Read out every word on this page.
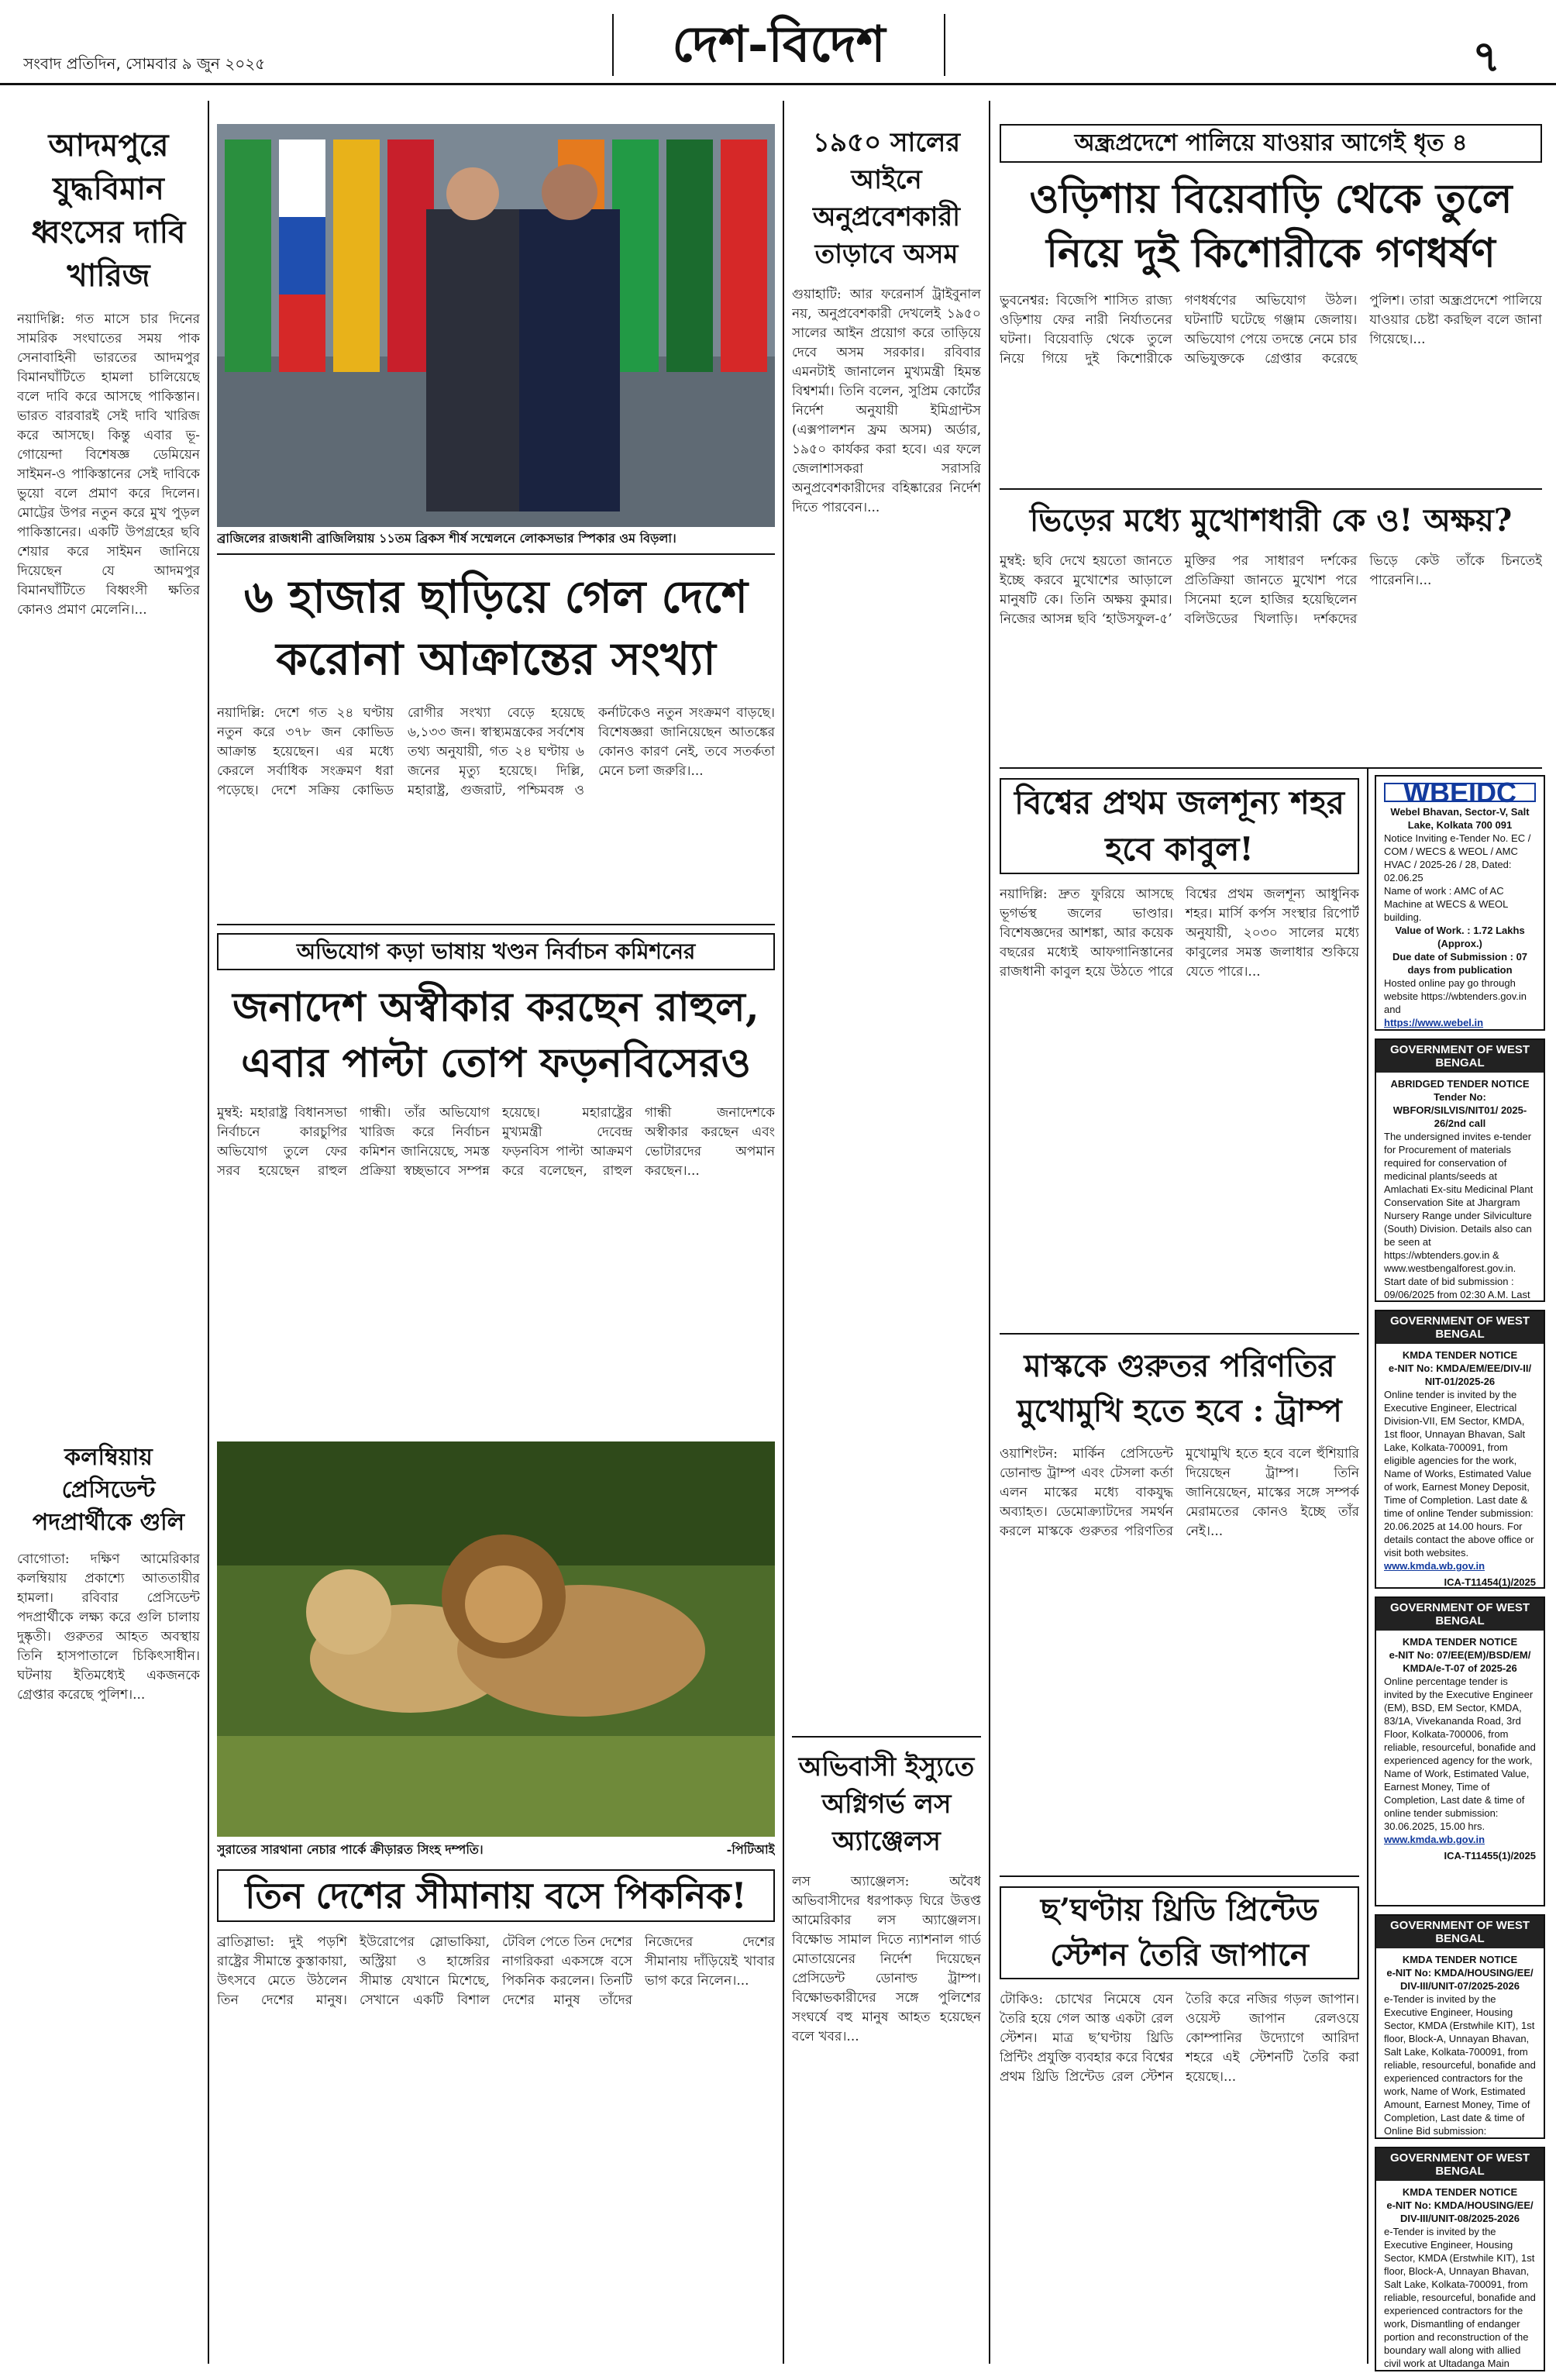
সংবাদ প্রতিদিন, সোমবার ৯ জুন ২০২৫	দেশ-বিদেশ	৭
আদমপুরে যুদ্ধবিমান ধ্বংসের দাবি খারিজ
নয়াদিল্লি: গত মাসে চার দিনের সামরিক সংঘাতের সময় পাক সেনাবাহিনী ভারতের আদমপুর বিমানঘাঁটিতে হামলা চালিয়েছে বলে দাবি করে আসছে পাকিস্তান। ভারত বারবারই সেই দাবি খারিজ করে আসছে। কিন্তু এবার ভূ-গোয়েন্দা বিশেষজ্ঞ ডেমিয়েন সাইমন-ও পাকিস্তানের সেই দাবিকে ভুয়ো বলে প্রমাণ করে দিলেন। মোট্টের উপর নতুন করে মুখ পুড়ল পাকিস্তানের। একটি উপগ্রহের ছবি শেয়ার করে সাইমন জানিয়ে দিয়েছেন যে আদমপুর বিমানঘাঁটিতে বিধ্বংসী ক্ষতির কোনও প্রমাণ মেলেনি।...
কলম্বিয়ায় প্রেসিডেন্ট পদপ্রার্থীকে গুলি
বোগোতা: দক্ষিণ আমেরিকার কলম্বিয়ায় প্রকাশ্যে আততায়ীর হামলা। রবিবার প্রেসিডেন্ট পদপ্রার্থীকে লক্ষ্য করে গুলি চালায় দুষ্কৃতী। গুরুতর আহত অবস্থায় তিনি হাসপাতালে চিকিৎসাধীন। ঘটনায় ইতিমধ্যেই একজনকে গ্রেপ্তার করেছে পুলিশ।...
ব্রাজিলের রাজধানী ব্রাজিলিয়ায় ১১তম ব্রিকস শীর্ষ সম্মেলনে লোকসভার স্পিকার ওম বিড়লা।
৬ হাজার ছাড়িয়ে গেল দেশে করোনা আক্রান্তের সংখ্যা
নয়াদিল্লি: দেশে গত ২৪ ঘণ্টায় নতুন করে ৩৭৮ জন কোভিড আক্রান্ত হয়েছেন। এর মধ্যে কেরলে সর্বাধিক সংক্রমণ ধরা পড়েছে। দেশে সক্রিয় কোভিড রোগীর সংখ্যা বেড়ে হয়েছে ৬,১৩৩ জন। স্বাস্থ্যমন্ত্রকের সর্বশেষ তথ্য অনুযায়ী, গত ২৪ ঘণ্টায় ৬ জনের মৃত্যু হয়েছে। দিল্লি, মহারাষ্ট্র, গুজরাট, পশ্চিমবঙ্গ ও কর্নাটকেও নতুন সংক্রমণ বাড়ছে। বিশেষজ্ঞরা জানিয়েছেন আতঙ্কের কোনও কারণ নেই, তবে সতর্কতা মেনে চলা জরুরি।...
অভিযোগ কড়া ভাষায় খণ্ডন নির্বাচন কমিশনের
জনাদেশ অস্বীকার করছেন রাহুল, এবার পাল্টা তোপ ফড়নবিসেরও
মুম্বই: মহারাষ্ট্র বিধানসভা নির্বাচনে কারচুপির অভিযোগ তুলে ফের সরব হয়েছেন রাহুল গান্ধী। তাঁর অভিযোগ খারিজ করে নির্বাচন কমিশন জানিয়েছে, সমস্ত প্রক্রিয়া স্বচ্ছভাবে সম্পন্ন হয়েছে। মহারাষ্ট্রের মুখ্যমন্ত্রী দেবেন্দ্র ফড়নবিস পাল্টা আক্রমণ করে বলেছেন, রাহুল গান্ধী জনাদেশকে অস্বীকার করছেন এবং ভোটারদের অপমান করছেন।...
সুরাতের সারথানা নেচার পার্কে ক্রীড়ারত সিংহ দম্পতি।	-পিটিআই
তিন দেশের সীমানায় বসে পিকনিক!
ব্রাতিস্লাভা: দুই পড়শি রাষ্ট্রের সীমান্তে কুস্তাকায়া, উৎসবে মেতে উঠলেন তিন দেশের মানুষ। ইউরোপের স্লোভাকিয়া, অস্ট্রিয়া ও হাঙ্গেরির সীমান্ত যেখানে মিশেছে, সেখানে একটি বিশাল টেবিল পেতে তিন দেশের নাগরিকরা একসঙ্গে বসে পিকনিক করলেন। তিনটি দেশের মানুষ তাঁদের নিজেদের দেশের সীমানায় দাঁড়িয়েই খাবার ভাগ করে নিলেন।...
১৯৫০ সালের আইনে অনুপ্রবেশকারী তাড়াবে অসম
গুয়াহাটি: আর ফরেনার্স ট্রাইবুনাল নয়, অনুপ্রবেশকারী দেখলেই ১৯৫০ সালের আইন প্রয়োগ করে তাড়িয়ে দেবে অসম সরকার। রবিবার এমনটাই জানালেন মুখ্যমন্ত্রী হিমন্ত বিশ্বশর্মা। তিনি বলেন, সুপ্রিম কোর্টের নির্দেশ অনুযায়ী ইমিগ্রান্টস (এক্সপালশন ফ্রম অসম) অর্ডার, ১৯৫০ কার্যকর করা হবে। এর ফলে জেলাশাসকরা সরাসরি অনুপ্রবেশকারীদের বহিষ্কারের নির্দেশ দিতে পারবেন।...
অভিবাসী ইস্যুতে অগ্নিগর্ভ লস অ্যাঞ্জেলস
লস অ্যাঞ্জেলস: অবৈধ অভিবাসীদের ধরপাকড় ঘিরে উত্তপ্ত আমেরিকার লস অ্যাঞ্জেলস। বিক্ষোভ সামাল দিতে ন্যাশনাল গার্ড মোতায়েনের নির্দেশ দিয়েছেন প্রেসিডেন্ট ডোনাল্ড ট্রাম্প। বিক্ষোভকারীদের সঙ্গে পুলিশের সংঘর্ষে বহু মানুষ আহত হয়েছেন বলে খবর।...
অন্ধ্রপ্রদেশে পালিয়ে যাওয়ার আগেই ধৃত ৪
ওড়িশায় বিয়েবাড়ি থেকে তুলে নিয়ে দুই কিশোরীকে গণধর্ষণ
ভুবনেশ্বর: বিজেপি শাসিত রাজ্য ওড়িশায় ফের নারী নির্যাতনের ঘটনা। বিয়েবাড়ি থেকে তুলে নিয়ে গিয়ে দুই কিশোরীকে গণধর্ষণের অভিযোগ উঠল। ঘটনাটি ঘটেছে গঞ্জাম জেলায়। অভিযোগ পেয়ে তদন্তে নেমে চার অভিযুক্তকে গ্রেপ্তার করেছে পুলিশ। তারা অন্ধ্রপ্রদেশে পালিয়ে যাওয়ার চেষ্টা করছিল বলে জানা গিয়েছে।...
ভিড়ের মধ্যে মুখোশধারী কে ও! অক্ষয়?
মুম্বই: ছবি দেখে হয়তো জানতে ইচ্ছে করবে মুখোশের আড়ালে মানুষটি কে। তিনি অক্ষয় কুমার। নিজের আসন্ন ছবি ‘হাউসফুল-৫’ মুক্তির পর সাধারণ দর্শকের প্রতিক্রিয়া জানতে মুখোশ পরে সিনেমা হলে হাজির হয়েছিলেন বলিউডের খিলাড়ি। দর্শকদের ভিড়ে কেউ তাঁকে চিনতেই পারেননি।...
বিশ্বের প্রথম জলশূন্য শহর হবে কাবুল!
নয়াদিল্লি: দ্রুত ফুরিয়ে আসছে ভূগর্ভস্থ জলের ভাণ্ডার। বিশেষজ্ঞদের আশঙ্কা, আর কয়েক বছরের মধ্যেই আফগানিস্তানের রাজধানী কাবুল হয়ে উঠতে পারে বিশ্বের প্রথম জলশূন্য আধুনিক শহর। মার্সি কর্পস সংস্থার রিপোর্ট অনুযায়ী, ২০৩০ সালের মধ্যে কাবুলের সমস্ত জলাধার শুকিয়ে যেতে পারে।...
মাস্ককে গুরুতর পরিণতির মুখোমুখি হতে হবে : ট্রাম্প
ওয়াশিংটন: মার্কিন প্রেসিডেন্ট ডোনাল্ড ট্রাম্প এবং টেসলা কর্তা এলন মাস্কের মধ্যে বাকযুদ্ধ অব্যাহত। ডেমোক্র্যাটদের সমর্থন করলে মাস্ককে গুরুতর পরিণতির মুখোমুখি হতে হবে বলে হুঁশিয়ারি দিয়েছেন ট্রাম্প। তিনি জানিয়েছেন, মাস্কের সঙ্গে সম্পর্ক মেরামতের কোনও ইচ্ছে তাঁর নেই।...
ছ’ঘণ্টায় থ্রিডি প্রিন্টেড স্টেশন তৈরি জাপানে
টোকিও: চোখের নিমেষে যেন তৈরি হয়ে গেল আস্ত একটা রেল স্টেশন। মাত্র ছ’ঘণ্টায় থ্রিডি প্রিন্টিং প্রযুক্তি ব্যবহার করে বিশ্বের প্রথম থ্রিডি প্রিন্টেড রেল স্টেশন তৈরি করে নজির গড়ল জাপান। ওয়েস্ট জাপান রেলওয়ে কোম্পানির উদ্যোগে আরিদা শহরে এই স্টেশনটি তৈরি করা হয়েছে।...
WBEIDC
Webel Bhavan, Sector-V, Salt Lake, Kolkata 700 091
Notice Inviting e-Tender No. EC / COM / WECS & WEOL / AMC HVAC / 2025-26 / 28, Dated: 02.06.25
Name of work : AMC of AC Machine at WECS & WEOL building.
Value of Work. : 1.72 Lakhs (Approx.)
Due date of Submission : 07 days from publication
Hosted online pay go through website https://wbtenders.gov.in and
https://www.webel.in
GOVERNMENT OF WEST BENGAL
ABRIDGED TENDER NOTICE
Tender No: WBFOR/SILVIS/NIT01/ 2025-26/2nd call
The undersigned invites e-tender for Procurement of materials required for conservation of medicinal plants/seeds at Amlachati Ex-situ Medicinal Plant Conservation Site at Jhargram Nursery Range under Silviculture (South) Division. Details also can be seen at https://wbtenders.gov.in & www.westbengalforest.gov.in. Start date of bid submission : 09/06/2025 from 02:30 A.M. Last
GOVERNMENT OF WEST BENGAL
KMDA TENDER NOTICE
e-NIT No: KMDA/EM/EE/DIV-II/ NIT-01/2025-26
Online tender is invited by the Executive Engineer, Electrical Division-VII, EM Sector, KMDA, 1st floor, Unnayan Bhavan, Salt Lake, Kolkata-700091, from eligible agencies for the work, Name of Works, Estimated Value of work, Earnest Money Deposit, Time of Completion. Last date & time of online Tender submission: 20.06.2025 at 14.00 hours. For details contact the above office or visit both websites.
www.kmda.wb.gov.in
ICA-T11454(1)/2025
GOVERNMENT OF WEST BENGAL
KMDA TENDER NOTICE
e-NIT No: 07/EE(EM)/BSD/EM/ KMDA/e-T-07 of 2025-26
Online percentage tender is invited by the Executive Engineer (EM), BSD, EM Sector, KMDA, 83/1A, Vivekananda Road, 3rd Floor, Kolkata-700006, from reliable, resourceful, bonafide and experienced agency for the work, Name of Work, Estimated Value, Earnest Money, Time of Completion, Last date & time of online tender submission: 30.06.2025, 15.00 hrs.
www.kmda.wb.gov.in
ICA-T11455(1)/2025
GOVERNMENT OF WEST BENGAL
KMDA TENDER NOTICE
e-NIT No: KMDA/HOUSING/EE/ DIV-III/UNIT-07/2025-2026
e-Tender is invited by the Executive Engineer, Housing Sector, KMDA (Erstwhile KIT), 1st floor, Block-A, Unnayan Bhavan, Salt Lake, Kolkata-700091, from reliable, resourceful, bonafide and experienced contractors for the work, Name of Work, Estimated Amount, Earnest Money, Time of Completion, Last date & time of Online Bid submission:
GOVERNMENT OF WEST BENGAL
KMDA TENDER NOTICE
e-NIT No: KMDA/HOUSING/EE/ DIV-III/UNIT-08/2025-2026
e-Tender is invited by the Executive Engineer, Housing Sector, KMDA (Erstwhile KIT), 1st floor, Block-A, Unnayan Bhavan, Salt Lake, Kolkata-700091, from reliable, resourceful, bonafide and experienced contractors for the work, Dismantling of endanger portion and reconstruction of the boundary wall along with allied civil work at Ultadanga Main
